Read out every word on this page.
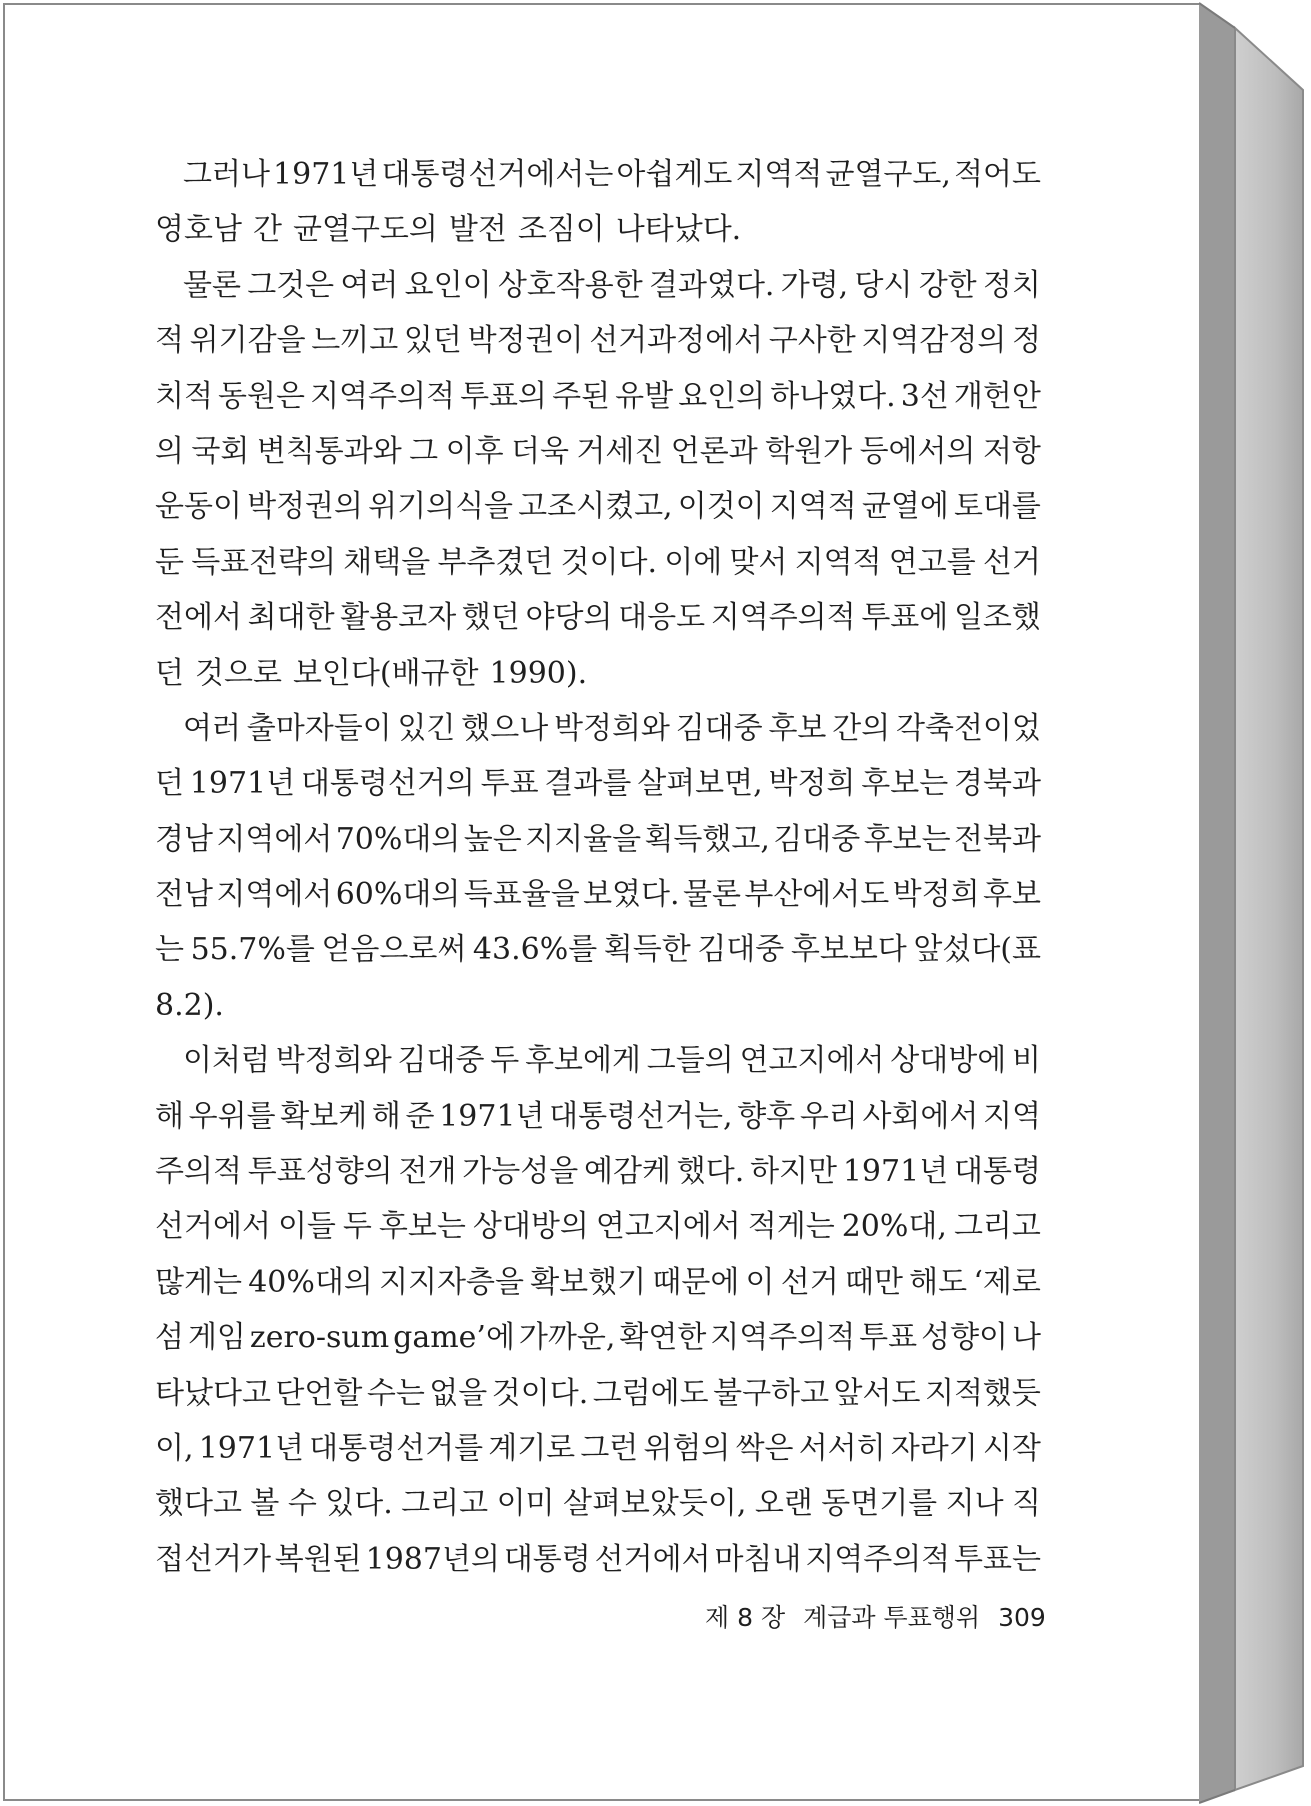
그러나 1971년 대통령선거에서는 아쉽게도 지역적 균열구도, 적어도
영호남 간 균열구도의 발전 조짐이 나타났다.
물론 그것은 여러 요인이 상호작용한 결과였다. 가령, 당시 강한 정치
적 위기감을 느끼고 있던 박정권이 선거과정에서 구사한 지역감정의 정
치적 동원은 지역주의적 투표의 주된 유발 요인의 하나였다. 3선 개헌안
의 국회 변칙통과와 그 이후 더욱 거세진 언론과 학원가 등에서의 저항
운동이 박정권의 위기의식을 고조시켰고, 이것이 지역적 균열에 토대를
둔 득표전략의 채택을 부추겼던 것이다. 이에 맞서 지역적 연고를 선거
전에서 최대한 활용코자 했던 야당의 대응도 지역주의적 투표에 일조했
던 것으로 보인다(배규한 1990).
여러 출마자들이 있긴 했으나 박정희와 김대중 후보 간의 각축전이었
던 1971년 대통령선거의 투표 결과를 살펴보면, 박정희 후보는 경북과
경남 지역에서 70%대의 높은 지지율을 획득했고, 김대중 후보는 전북과
전남 지역에서 60%대의 득표율을 보였다. 물론 부산에서도 박정희 후보
는 55.7%를 얻음으로써 43.6%를 획득한 김대중 후보보다 앞섰다(표
8.2).
이처럼 박정희와 김대중 두 후보에게 그들의 연고지에서 상대방에 비
해 우위를 확보케 해 준 1971년 대통령선거는, 향후 우리 사회에서 지역
주의적 투표성향의 전개 가능성을 예감케 했다. 하지만 1971년 대통령
선거에서 이들 두 후보는 상대방의 연고지에서 적게는 20%대, 그리고
많게는 40%대의 지지자층을 확보했기 때문에 이 선거 때만 해도 ‘제로
섬 게임 zero-sum game’에 가까운, 확연한 지역주의적 투표 성향이 나
타났다고 단언할 수는 없을 것이다. 그럼에도 불구하고 앞서도 지적했듯
이, 1971년 대통령선거를 계기로 그런 위험의 싹은 서서히 자라기 시작
했다고 볼 수 있다. 그리고 이미 살펴보았듯이, 오랜 동면기를 지나 직
접선거가 복원된 1987년의 대통령 선거에서 마침내 지역주의적 투표는
제 8 장 계급과 투표행위 309
